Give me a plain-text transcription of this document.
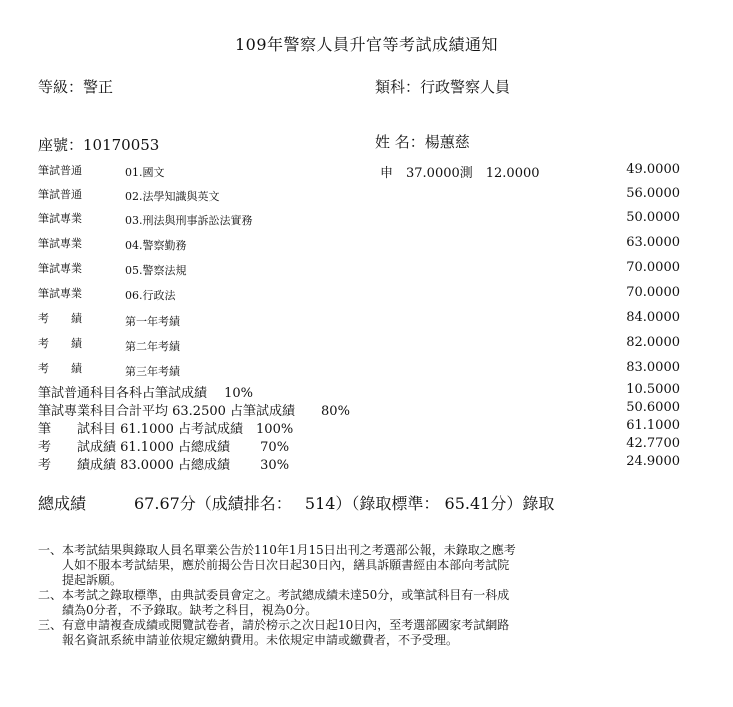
109年警察人員升官等考試成績通知
等級：警正	類科：行政警察人員
座號：10170053	姓 名：楊蕙慈
筆試普通	01.國文	申　37.0000測　12.0000	49.0000
筆試普通	02.法學知識與英文	56.0000
筆試專業	03.刑法與刑事訴訟法實務	50.0000
筆試專業	04.警察勤務	63.0000
筆試專業	05.警察法規	70.0000
筆試專業	06.行政法	70.0000
考　　績	第一年考績	84.0000
考　　績	第二年考績	82.0000
考　　績	第三年考績	83.0000
筆試普通科目各科占筆試成績　 10%	10.5000
筆試專業科目合計平均 63.2500 占筆試成績　　80%	50.6000
筆　　試科目 61.1000 占考試成績　100%	61.1000
考　　試成績 61.1000 占總成績　　 70%	42.7700
考　　績成績 83.0000 占總成績　　 30%	24.9000
總成績　　　67.67分（成績排名：　 514）（錄取標準： 65.41分）錄取
一、本考試結果與錄取人員名單業公告於110年1月15日出刊之考選部公報，未錄取之應考
　　人如不服本考試結果，應於前揭公告日次日起30日內，繕具訴願書經由本部向考試院
　　提起訴願。
二、本考試之錄取標準，由典試委員會定之。考試總成績未達50分，或筆試科目有一科成
　　績為0分者，不予錄取。缺考之科目，視為0分。
三、有意申請複查成績或閱覽試卷者，請於榜示之次日起10日內，至考選部國家考試網路
　　報名資訊系統申請並依規定繳納費用。未依規定申請或繳費者，不予受理。
